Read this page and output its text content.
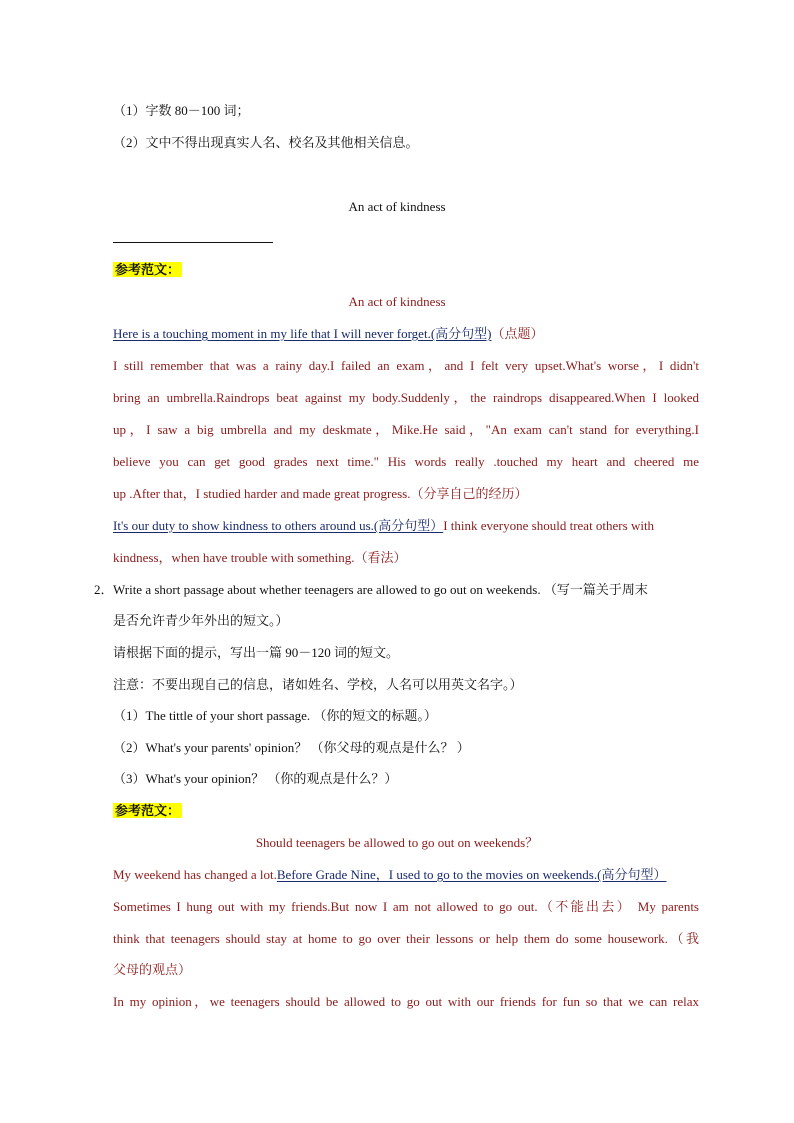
（1）字数 80－100 词；
（2）文中不得出现真实人名、校名及其他相关信息。
An act of kindness
参考范文：
An act of kindness
Here is a touching moment in my life that I will never forget.(高分句型)（点题）
I still remember that was a rainy day.I failed an exam，and I felt very upset.What's worse，I didn't
bring an umbrella.Raindrops beat against my body.Suddenly，the raindrops disappeared.When I looked
up，I saw a big umbrella and my deskmate，Mike.He said，"An exam can't stand for everything.I
believe you can get good grades next time." His words really .touched my heart and cheered me
up .After that，I studied harder and made great progress.（分享自己的经历）
It's our duty to show kindness to others around us.(高分句型）I think everyone should treat others with
kindness，when have trouble with something.（看法）
2． Write a short passage about whether teenagers are allowed to go out on weekends. （写一篇关于周末
是否允许青少年外出的短文。）
请根据下面的提示，写出一篇 90－120 词的短文。
注意：不要出现自己的信息，诸如姓名、学校，人名可以用英文名字。）
（1）The tittle of your short passage. （你的短文的标题。）
（2）What's your parents' opinion？ （你父母的观点是什么？ ）
（3）What's your opinion？ （你的观点是什么？）
参考范文：
Should teenagers be allowed to go out on weekends？
My weekend has changed a lot.Before Grade Nine，I used to go to the movies on weekends.(高分句型）
Sometimes I hung out with my friends.But now I am not allowed to go out.（不能出去） My parents
think that teenagers should stay at home to go over their lessons or help them do some housework.（我
父母的观点）
In my opinion，we teenagers should be allowed to go out with our friends for fun so that we can relax
